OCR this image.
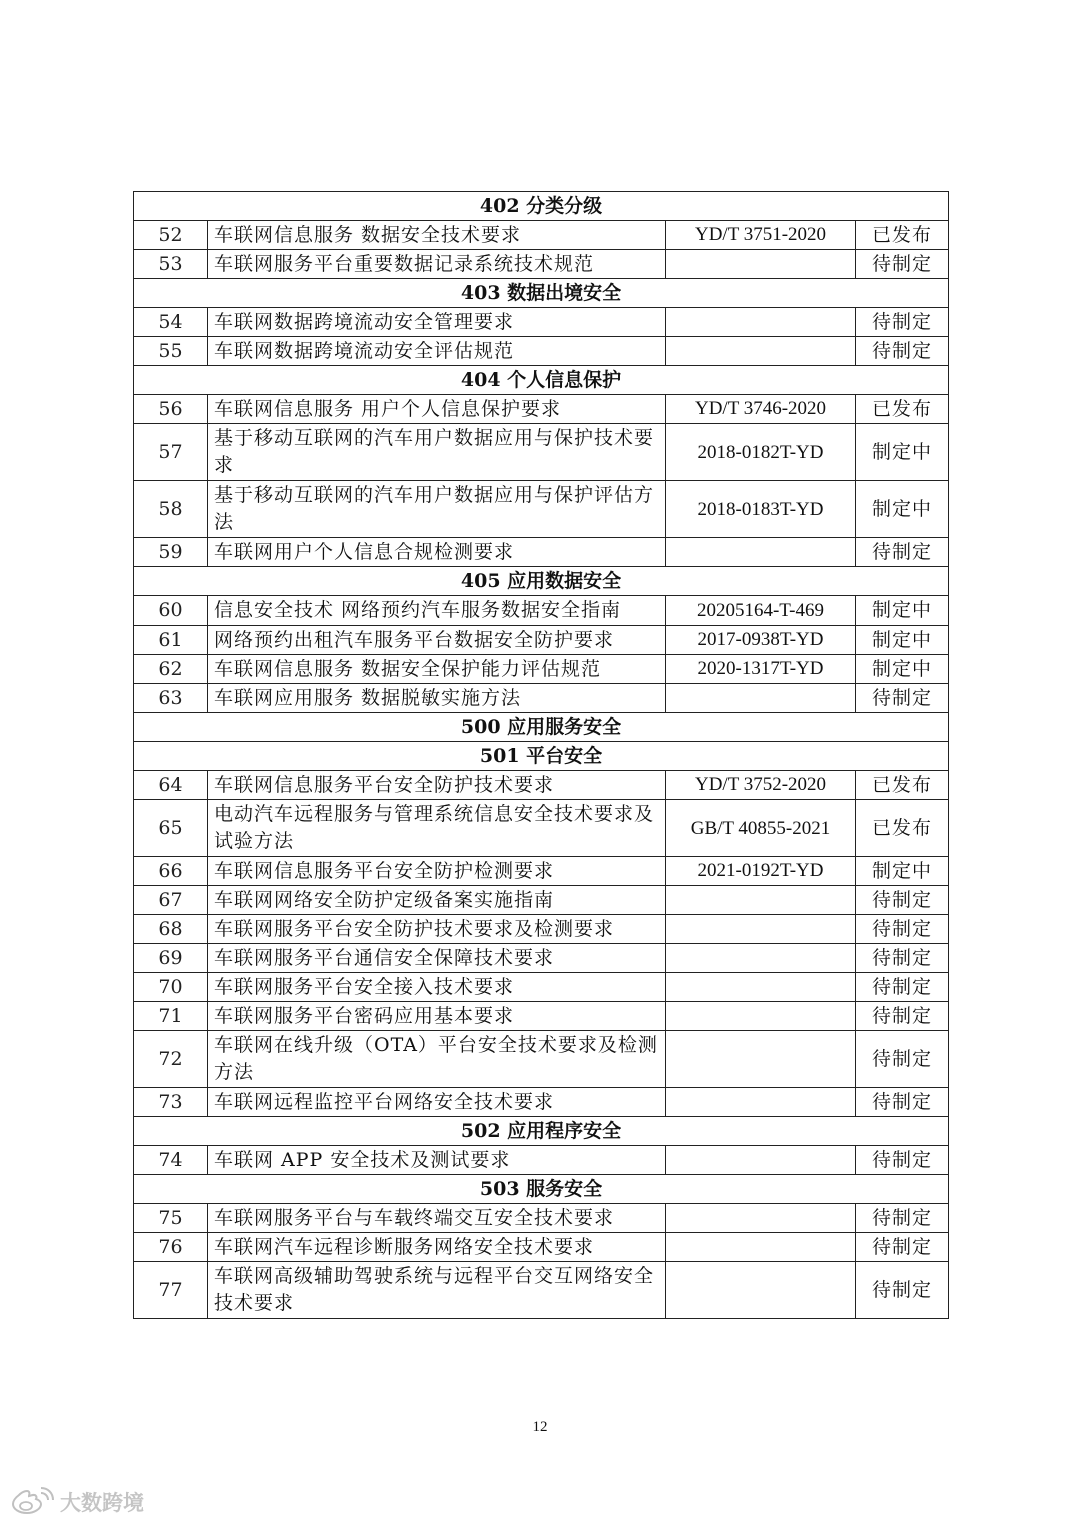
402 分类分级			
52	车联网信息服务 数据安全技术要求	YD/T 3751-2020	已发布
53	车联网服务平台重要数据记录系统技术规范		待制定
403 数据出境安全			
54	车联网数据跨境流动安全管理要求		待制定
55	车联网数据跨境流动安全评估规范		待制定
404 个人信息保护			
56	车联网信息服务 用户个人信息保护要求	YD/T 3746-2020	已发布
57	基于移动互联网的汽车用户数据应用与保护技术要求	2018-0182T-YD	制定中
58	基于移动互联网的汽车用户数据应用与保护评估方法	2018-0183T-YD	制定中
59	车联网用户个人信息合规检测要求		待制定
405 应用数据安全			
60	信息安全技术 网络预约汽车服务数据安全指南	20205164-T-469	制定中
61	网络预约出租汽车服务平台数据安全防护要求	2017-0938T-YD	制定中
62	车联网信息服务 数据安全保护能力评估规范	2020-1317T-YD	制定中
63	车联网应用服务 数据脱敏实施方法		待制定
500 应用服务安全			
501 平台安全			
64	车联网信息服务平台安全防护技术要求	YD/T 3752-2020	已发布
65	电动汽车远程服务与管理系统信息安全技术要求及试验方法	GB/T 40855-2021	已发布
66	车联网信息服务平台安全防护检测要求	2021-0192T-YD	制定中
67	车联网网络安全防护定级备案实施指南		待制定
68	车联网服务平台安全防护技术要求及检测要求		待制定
69	车联网服务平台通信安全保障技术要求		待制定
70	车联网服务平台安全接入技术要求		待制定
71	车联网服务平台密码应用基本要求		待制定
72	车联网在线升级（OTA）平台安全技术要求及检测方法		待制定
73	车联网远程监控平台网络安全技术要求		待制定
502 应用程序安全			
74	车联网 APP 安全技术及测试要求		待制定
503 服务安全			
75	车联网服务平台与车载终端交互安全技术要求		待制定
76	车联网汽车远程诊断服务网络安全技术要求		待制定
77	车联网高级辅助驾驶系统与远程平台交互网络安全技术要求		待制定
12
大数跨境
